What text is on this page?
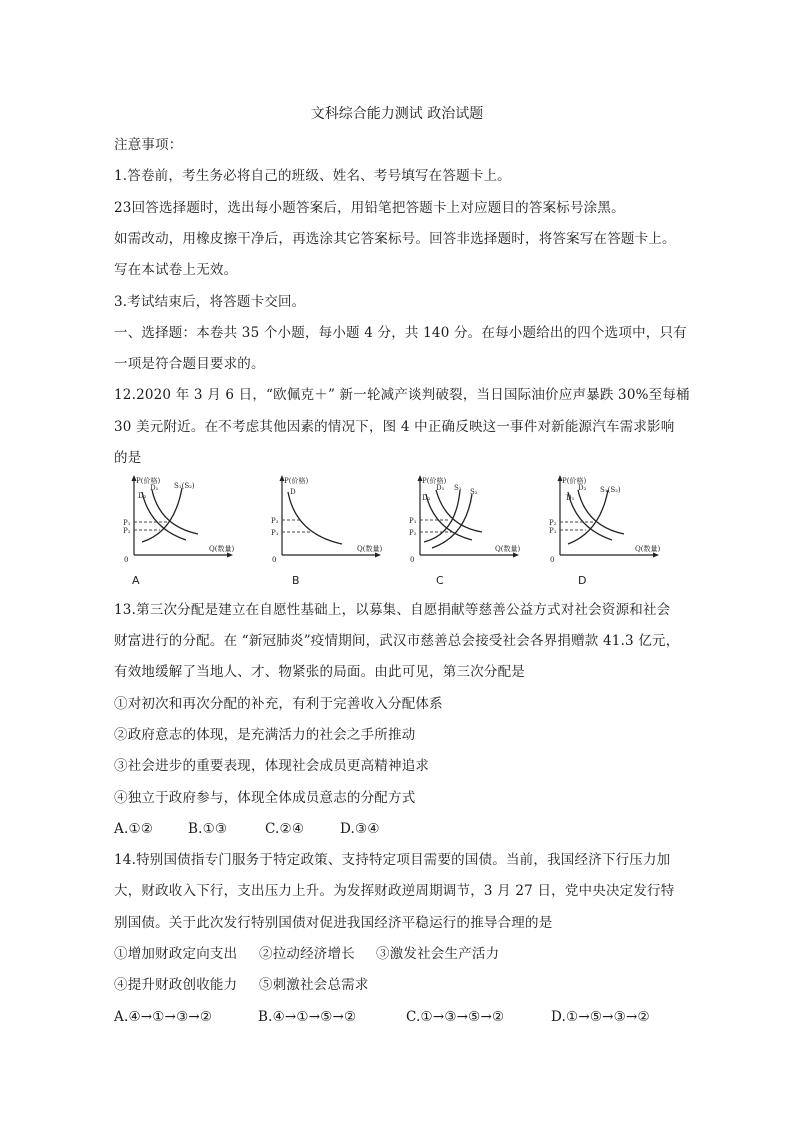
文科综合能力测试 政治试题
注意事项：
1.答卷前，考生务必将自己的班级、姓名、考号填写在答题卡上。
23回答选择题时，选出每小题答案后，用铅笔把答题卡上对应题目的答案标号涂黑。
如需改动，用橡皮擦干净后，再选涂其它答案标号。回答非选择题时，将答案写在答题卡上。
写在本试卷上无效。
3.考试结束后，将答题卡交回。
一、选择题：本卷共 35 个小题，每小题 4 分，共 140 分。在每小题给出的四个选项中，只有
一项是符合题目要求的。
12.2020 年 3 月 6 日，“欧佩克＋” 新一轮减产谈判破裂，当日国际油价应声暴跌 30%至每桶
30 美元附近。在不考虑其他因素的情况下，图 4 中正确反映这一事件对新能源汽车需求影响
的是
P(价格)
Q(数量)
0
D₁
D₂
S₁(S₂)
P₁
P₂
A
P(价格)
Q(数量)
0
D
P₂
P₁
B
P(价格)
Q(数量)
0
D₂
D₁ S₁ S₂
P₁
P₂
C
P(价格)
Q(数量)
0
D₂
D₁
S₁(S₂)
P₂
P₁
D
13.第三次分配是建立在自愿性基础上，以募集、自愿捐献等慈善公益方式对社会资源和社会
财富进行的分配。在 “新冠肺炎”疫情期间，武汉市慈善总会接受社会各界捐赠款 41.3 亿元，
有效地缓解了当地人、才、物紧张的局面。由此可见，第三次分配是
①对初次和再次分配的补充，有利于完善收入分配体系
②政府意志的体现，是充满活力的社会之手所推动
③社会进步的重要表现，体现社会成员更高精神追求
④独立于政府参与，体现全体成员意志的分配方式
A.①②	B.①③	C.②④	D.③④
14.特别国债指专门服务于特定政策、支持特定项目需要的国债。当前，我国经济下行压力加
大，财政收入下行，支出压力上升。为发挥财政逆周期调节，3 月 27 日，党中央决定发行特
别国债。关于此次发行特别国债对促进我国经济平稳运行的推导合理的是
①增加财政定向支出 ②拉动经济增长 ③激发社会生产活力
④提升财政创收能力 ⑤刺激社会总需求
A.④→①→③→②	B.④→①→⑤→②	C.①→③→⑤→②	D.①→⑤→③→②
